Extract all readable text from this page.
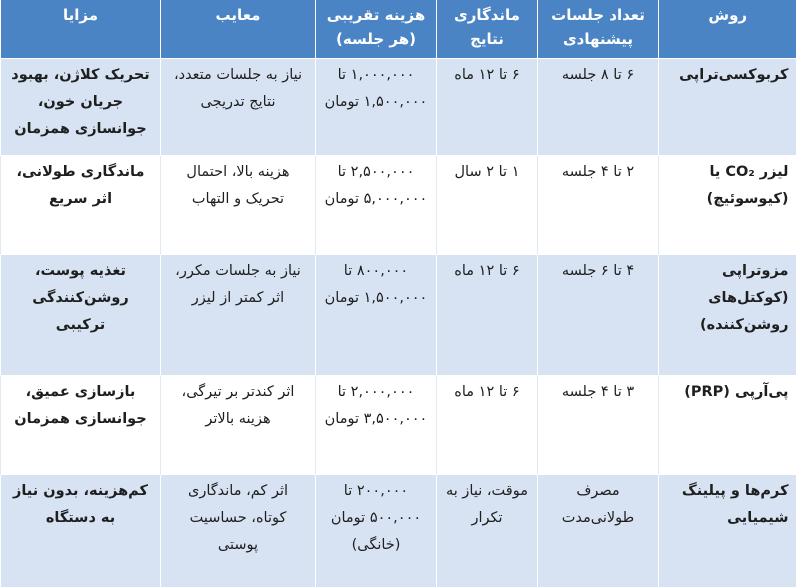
روش	تعداد جلسات پیشنهادی	ماندگاری نتایج	هزینه تقریبی (هر جلسه)	معایب	مزایا
کربوکسی‌تراپی	۶ تا ۸ جلسه	۶ تا ۱۲ ماه	۱,۰۰۰,۰۰۰ تا ۱,۵۰۰,۰۰۰ تومان	نیاز به جلسات متعدد، نتایج تدریجی	تحریک کلاژن، بهبود جریان خون، جوانسازی همزمان
لیزر CO₂ یا (کیوسوئیچ)	۲ تا ۴ جلسه	۱ تا ۲ سال	۲,۵۰۰,۰۰۰ تا ۵,۰۰۰,۰۰۰ تومان	هزینه بالا، احتمال تحریک و التهاب	ماندگاری طولانی، اثر سریع
مزوتراپی (کوکتل‌های روشن‌کننده)	۴ تا ۶ جلسه	۶ تا ۱۲ ماه	۸۰۰,۰۰۰ تا ۱,۵۰۰,۰۰۰ تومان	نیاز به جلسات مکرر، اثر کمتر از لیزر	تغذیه پوست، روشن‌کنندگی ترکیبی
پی‌آر‌پی (PRP)	۳ تا ۴ جلسه	۶ تا ۱۲ ماه	۲,۰۰۰,۰۰۰ تا ۳,۵۰۰,۰۰۰ تومان	اثر کندتر بر تیرگی، هزینه بالاتر	بازسازی عمیق، جوانسازی همزمان
کرم‌ها و پیلینگ شیمیایی	مصرف طولانی‌مدت	موقت، نیاز به تکرار	۲۰۰,۰۰۰ تا ۵۰۰,۰۰۰ تومان (خانگی)	اثر کم، ماندگاری کوتاه، حساسیت پوستی	کم‌هزینه، بدون نیاز به دستگاه
